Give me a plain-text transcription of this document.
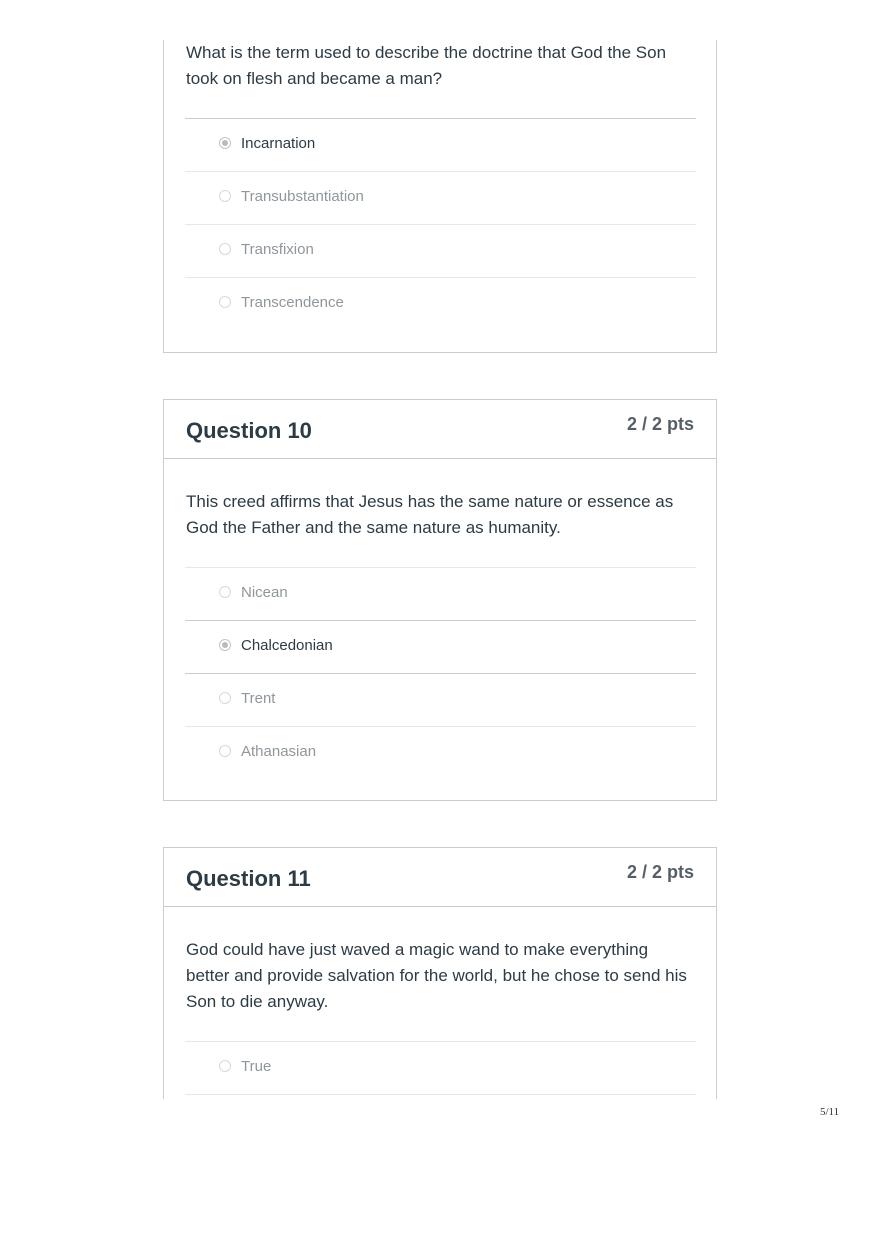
What is the term used to describe the doctrine that God the Son took on flesh and became a man?
Incarnation
Transubstantiation
Transfixion
Transcendence
Question 10	2 / 2 pts
This creed affirms that Jesus has the same nature or essence as God the Father and the same nature as humanity.
Nicean
Chalcedonian
Trent
Athanasian
Question 11	2 / 2 pts
God could have just waved a magic wand to make everything better and provide salvation for the world, but he chose to send his Son to die anyway.
True
5/11
